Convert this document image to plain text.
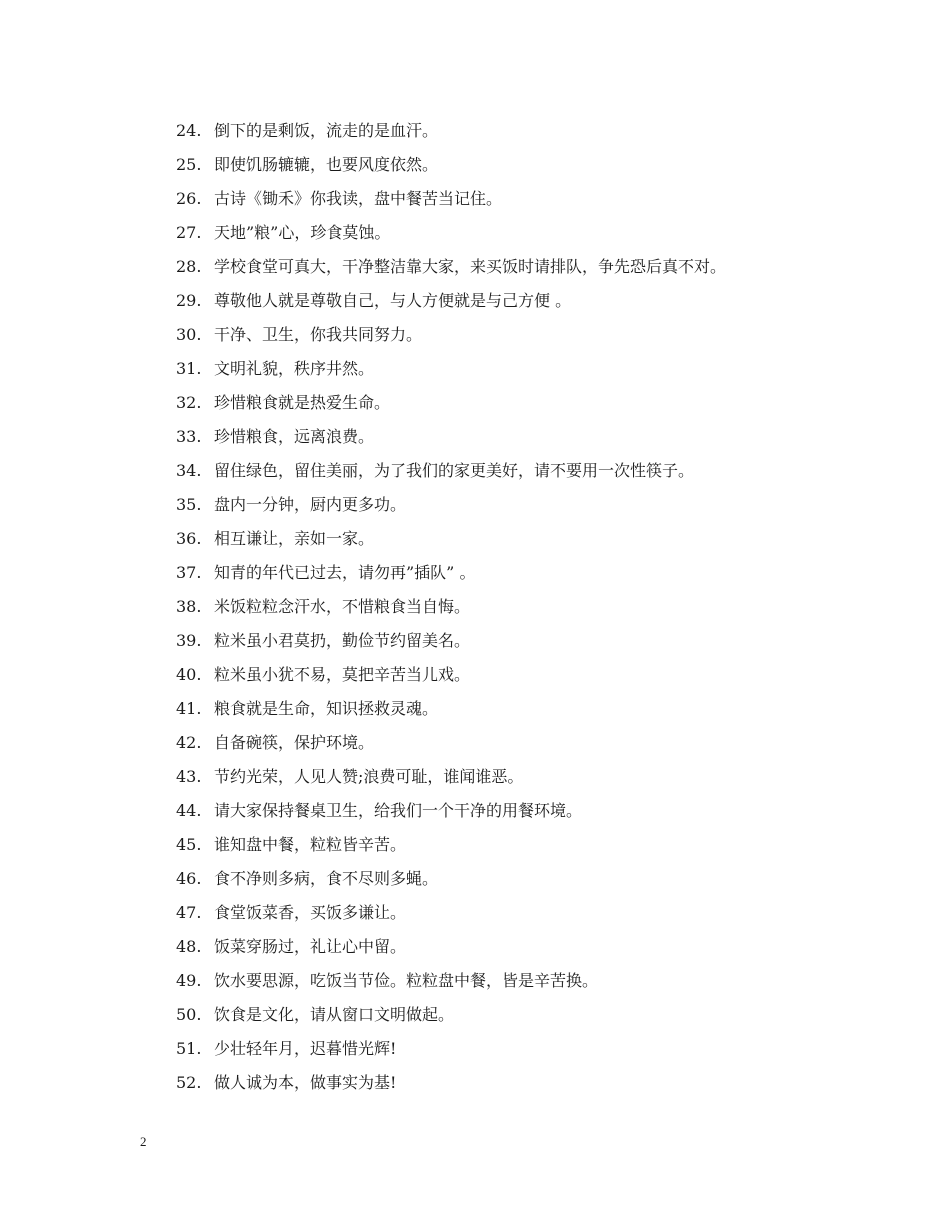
24. 倒下的是剩饭，流走的是血汗。
25. 即使饥肠辘辘，也要风度依然。
26. 古诗《锄禾》你我读，盘中餐苦当记住。
27. 天地”粮”心，珍食莫蚀。
28. 学校食堂可真大，干净整洁靠大家，来买饭时请排队，争先恐后真不对。
29. 尊敬他人就是尊敬自己，与人方便就是与己方便 。
30. 干净、卫生，你我共同努力。
31. 文明礼貌，秩序井然。
32. 珍惜粮食就是热爱生命。
33. 珍惜粮食，远离浪费。
34. 留住绿色，留住美丽，为了我们的家更美好，请不要用一次性筷子。
35. 盘内一分钟，厨内更多功。
36. 相互谦让，亲如一家。
37. 知青的年代已过去，请勿再”插队” 。
38. 米饭粒粒念汗水，不惜粮食当自悔。
39. 粒米虽小君莫扔，勤俭节约留美名。
40. 粒米虽小犹不易，莫把辛苦当儿戏。
41. 粮食就是生命，知识拯救灵魂。
42. 自备碗筷，保护环境。
43. 节约光荣，人见人赞;浪费可耻，谁闻谁恶。
44. 请大家保持餐桌卫生，给我们一个干净的用餐环境。
45. 谁知盘中餐，粒粒皆辛苦。
46. 食不净则多病，食不尽则多蝇。
47. 食堂饭菜香，买饭多谦让。
48. 饭菜穿肠过，礼让心中留。
49. 饮水要思源，吃饭当节俭。粒粒盘中餐，皆是辛苦换。
50. 饮食是文化，请从窗口文明做起。
51. 少壮轻年月，迟暮惜光辉!
52. 做人诚为本，做事实为基!
2
